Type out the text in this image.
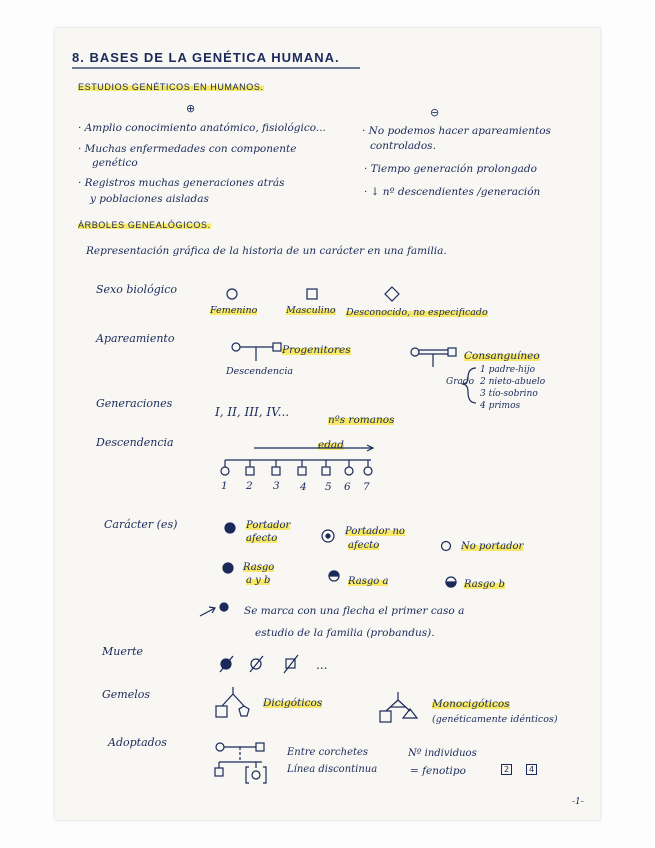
8. BASES DE LA GENÉTICA HUMANA.
ESTUDIOS GENÉTICOS EN HUMANOS.
⊕	⊖
· Amplio conocimiento anatómico, fisiológico...
· Muchas enfermedades con componente
genético
· Registros muchas generaciones atrás
y poblaciones aisladas
· No podemos hacer apareamientos
controlados.
· Tiempo generación prolongado
· ↓ nº descendientes /generación
ÁRBOLES GENEALÓGICOS.
Representación gráfica de la historia de un carácter en una familia.
Sexo biológico
Femenino	Masculino Desconocido, no especificado
Apareamiento
Progenitores
Descendencia
Consanguíneo
Grado
1 padre-hijo
2 nieto-abuelo
3 tío-sobrino
4 primos
Generaciones
I, II, III, IV...
nºs romanos
Descendencia	edad
1 2 3 4 5 6 7
Carácter (es)	Portador
afecto
Portador no
afecto	No portador
Rasgo
a y b	Rasgo a	Rasgo b
Se marca con una flecha el primer caso a
estudio de la familia (probandus).
Muerte
...
Gemelos
Dicigóticos	Monocigóticos
(genéticamente idénticos)
Adoptados
Entre corchetes
Línea discontinua
Nº individuos
= fenotipo	2	4
-1-
